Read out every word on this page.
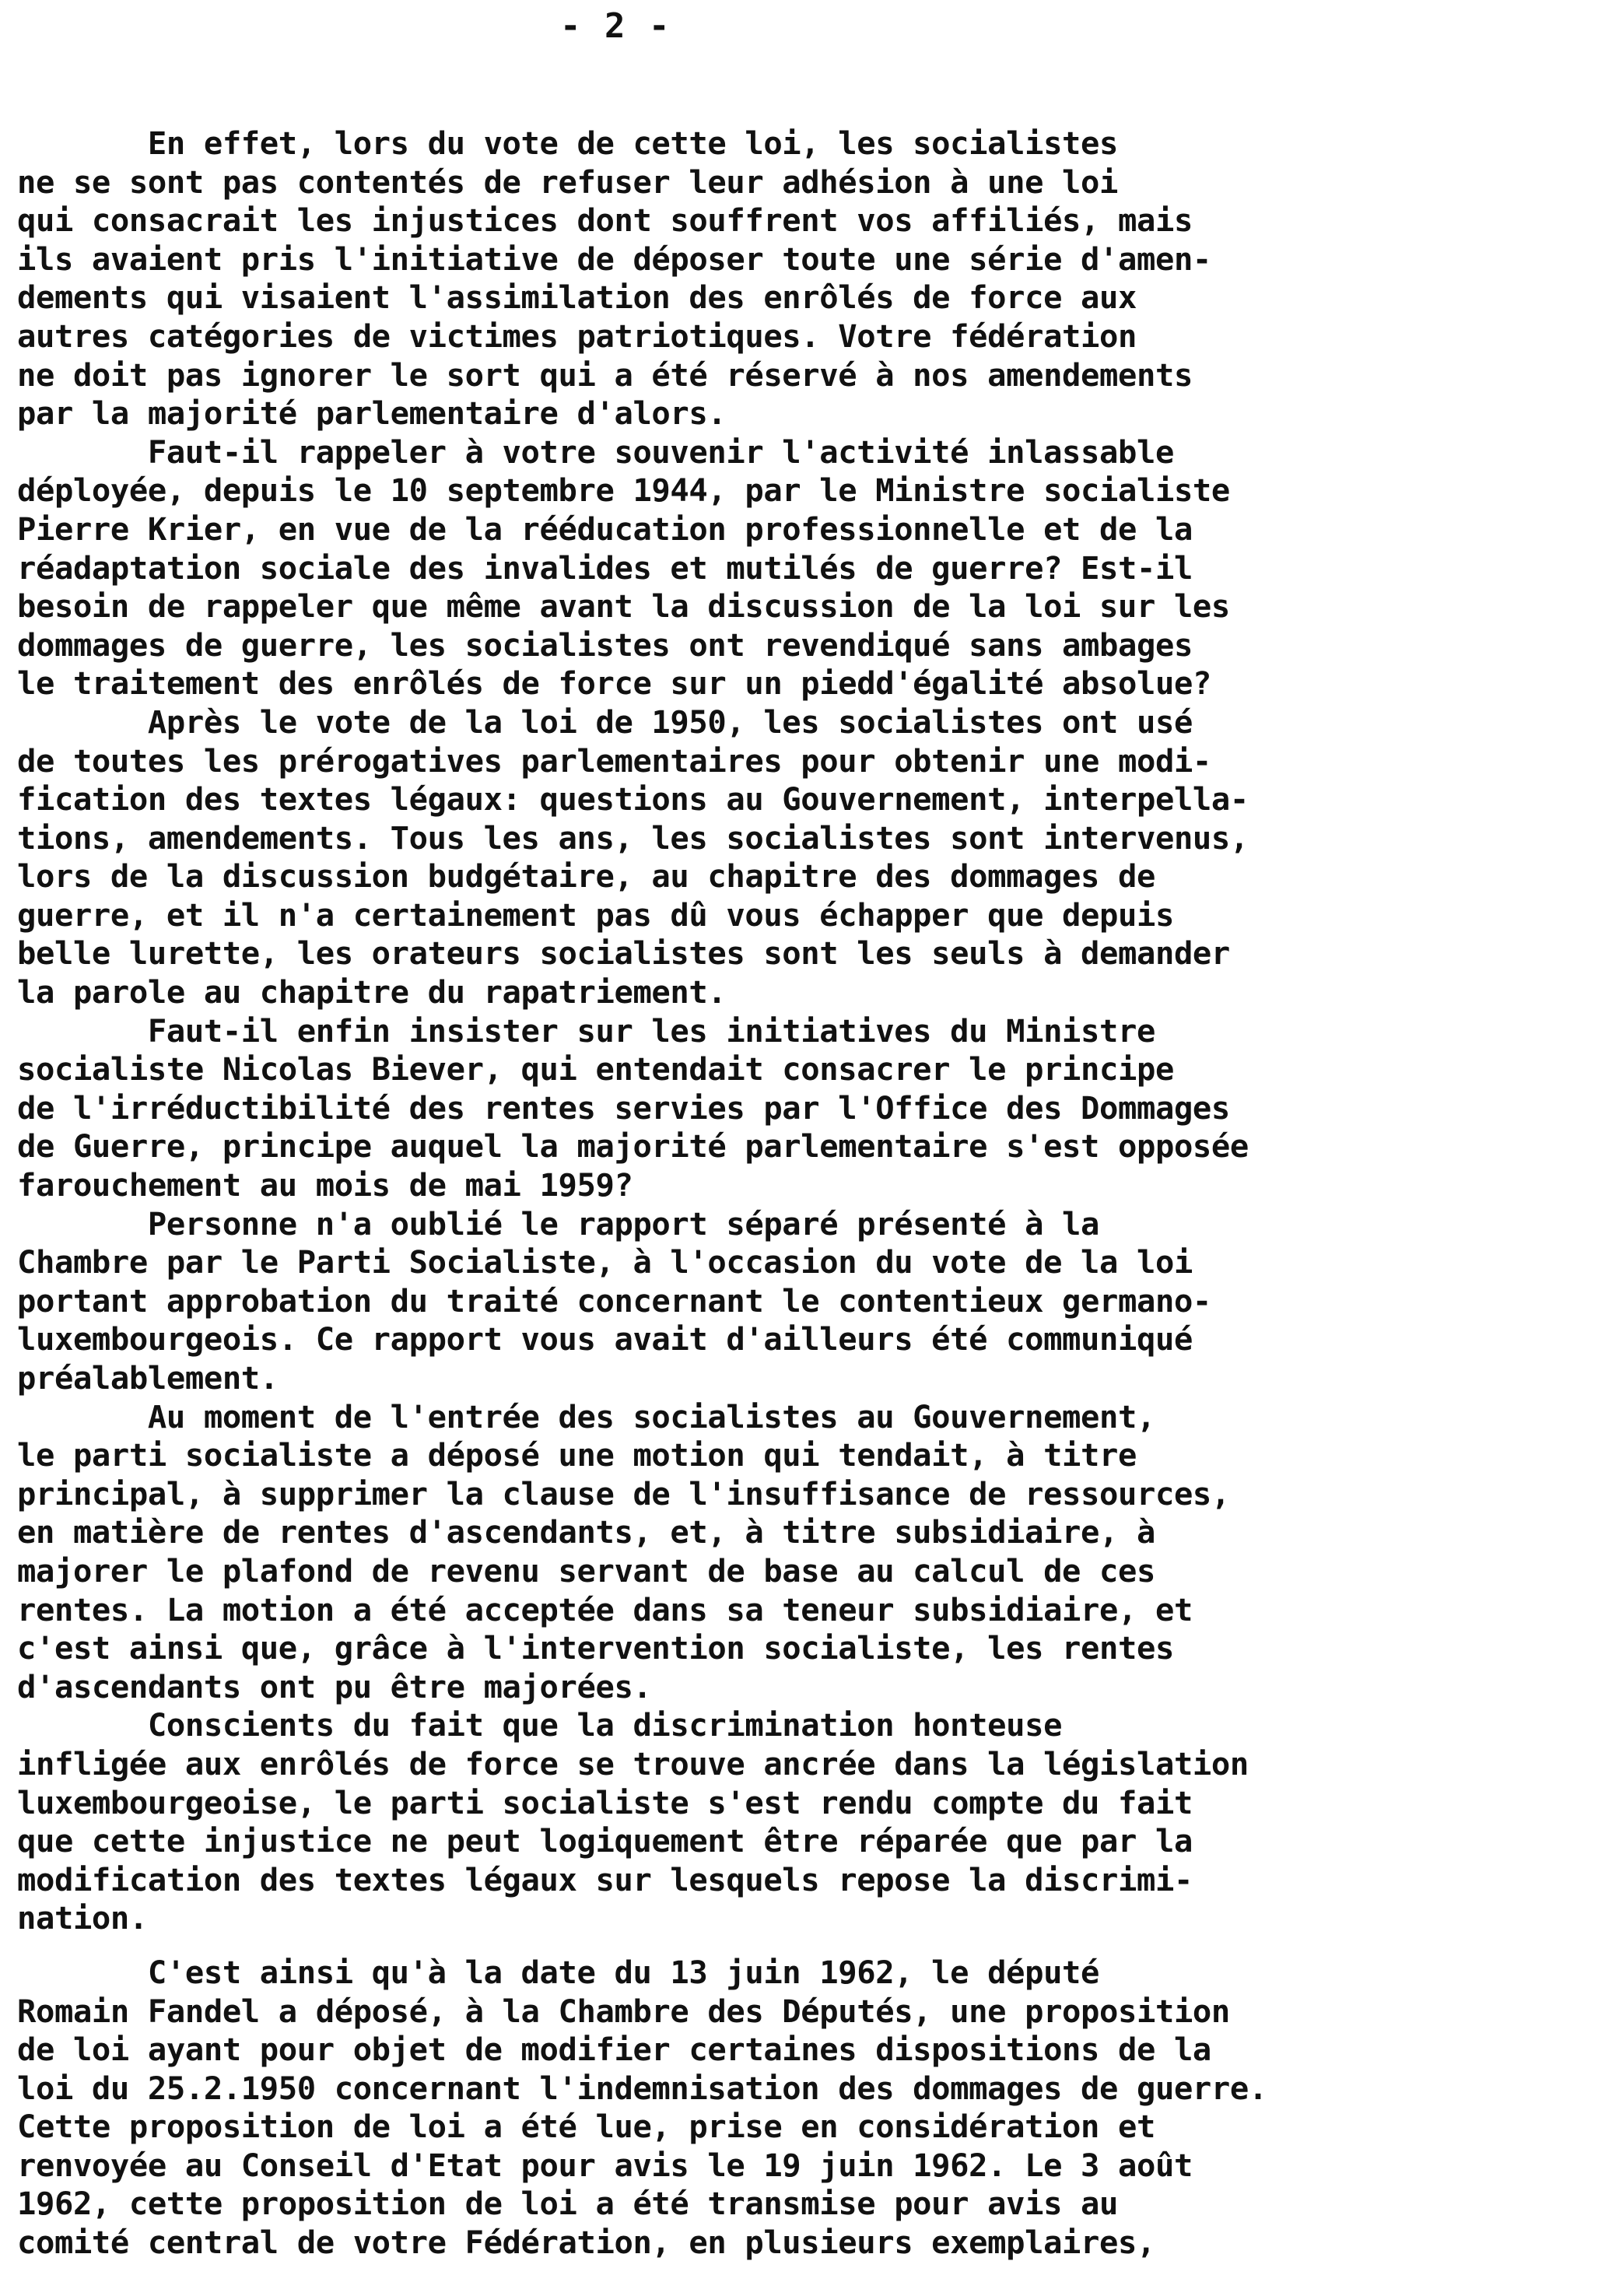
- 2 -
En effet, lors du vote de cette loi, les socialistes
ne se sont pas contentés de refuser leur adhésion à une loi
qui consacrait les injustices dont souffrent vos affiliés, mais
ils avaient pris l'initiative de déposer toute une série d'amen-
dements qui visaient l'assimilation des enrôlés de force aux
autres catégories de victimes patriotiques. Votre fédération
ne doit pas ignorer le sort qui a été réservé à nos amendements
par la majorité parlementaire d'alors.
Faut-il rappeler à votre souvenir l'activité inlassable
déployée, depuis le 10 septembre 1944, par le Ministre socialiste
Pierre Krier, en vue de la rééducation professionnelle et de la
réadaptation sociale des invalides et mutilés de guerre? Est-il
besoin de rappeler que même avant la discussion de la loi sur les
dommages de guerre, les socialistes ont revendiqué sans ambages
le traitement des enrôlés de force sur un piedd'égalité absolue?
Après le vote de la loi de 1950, les socialistes ont usé
de toutes les prérogatives parlementaires pour obtenir une modi-
fication des textes légaux: questions au Gouvernement, interpella-
tions, amendements. Tous les ans, les socialistes sont intervenus,
lors de la discussion budgétaire, au chapitre des dommages de
guerre, et il n'a certainement pas dû vous échapper que depuis
belle lurette, les orateurs socialistes sont les seuls à demander
la parole au chapitre du rapatriement.
Faut-il enfin insister sur les initiatives du Ministre
socialiste Nicolas Biever, qui entendait consacrer le principe
de l'irréductibilité des rentes servies par l'Office des Dommages
de Guerre, principe auquel la majorité parlementaire s'est opposée
farouchement au mois de mai 1959?
Personne n'a oublié le rapport séparé présenté à la
Chambre par le Parti Socialiste, à l'occasion du vote de la loi
portant approbation du traité concernant le contentieux germano-
luxembourgeois. Ce rapport vous avait d'ailleurs été communiqué
préalablement.
Au moment de l'entrée des socialistes au Gouvernement,
le parti socialiste a déposé une motion qui tendait, à titre
principal, à supprimer la clause de l'insuffisance de ressources,
en matière de rentes d'ascendants, et, à titre subsidiaire, à
majorer le plafond de revenu servant de base au calcul de ces
rentes. La motion a été acceptée dans sa teneur subsidiaire, et
c'est ainsi que, grâce à l'intervention socialiste, les rentes
d'ascendants ont pu être majorées.
Conscients du fait que la discrimination honteuse
infligée aux enrôlés de force se trouve ancrée dans la législation
luxembourgeoise, le parti socialiste s'est rendu compte du fait
que cette injustice ne peut logiquement être réparée que par la
modification des textes légaux sur lesquels repose la discrimi-
nation.
C'est ainsi qu'à la date du 13 juin 1962, le député
Romain Fandel a déposé, à la Chambre des Députés, une proposition
de loi ayant pour objet de modifier certaines dispositions de la
loi du 25.2.1950 concernant l'indemnisation des dommages de guerre.
Cette proposition de loi a été lue, prise en considération et
renvoyée au Conseil d'Etat pour avis le 19 juin 1962. Le 3 août
1962, cette proposition de loi a été transmise pour avis au
comité central de votre Fédération, en plusieurs exemplaires,
